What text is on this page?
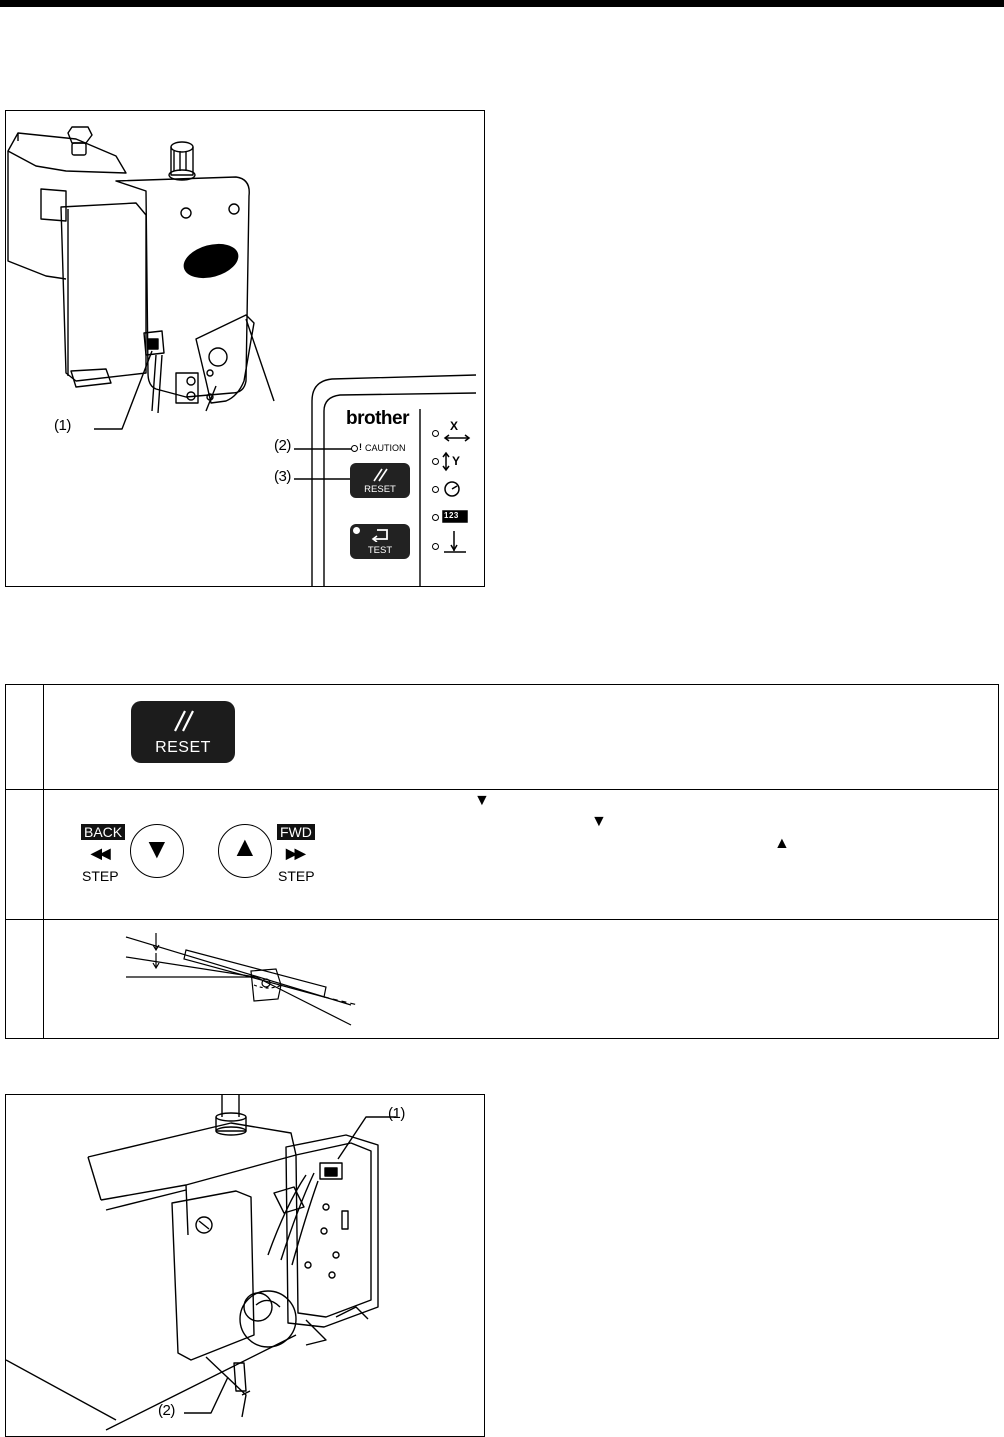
(1)
(2)
(3)
brother
! CAUTION
RESET
TEST
X
Y
123
RESET
BACK
◀◀
STEP
▼ ▲ FWD
▶▶
STEP
▼
▼
▲
(1)
(2)
